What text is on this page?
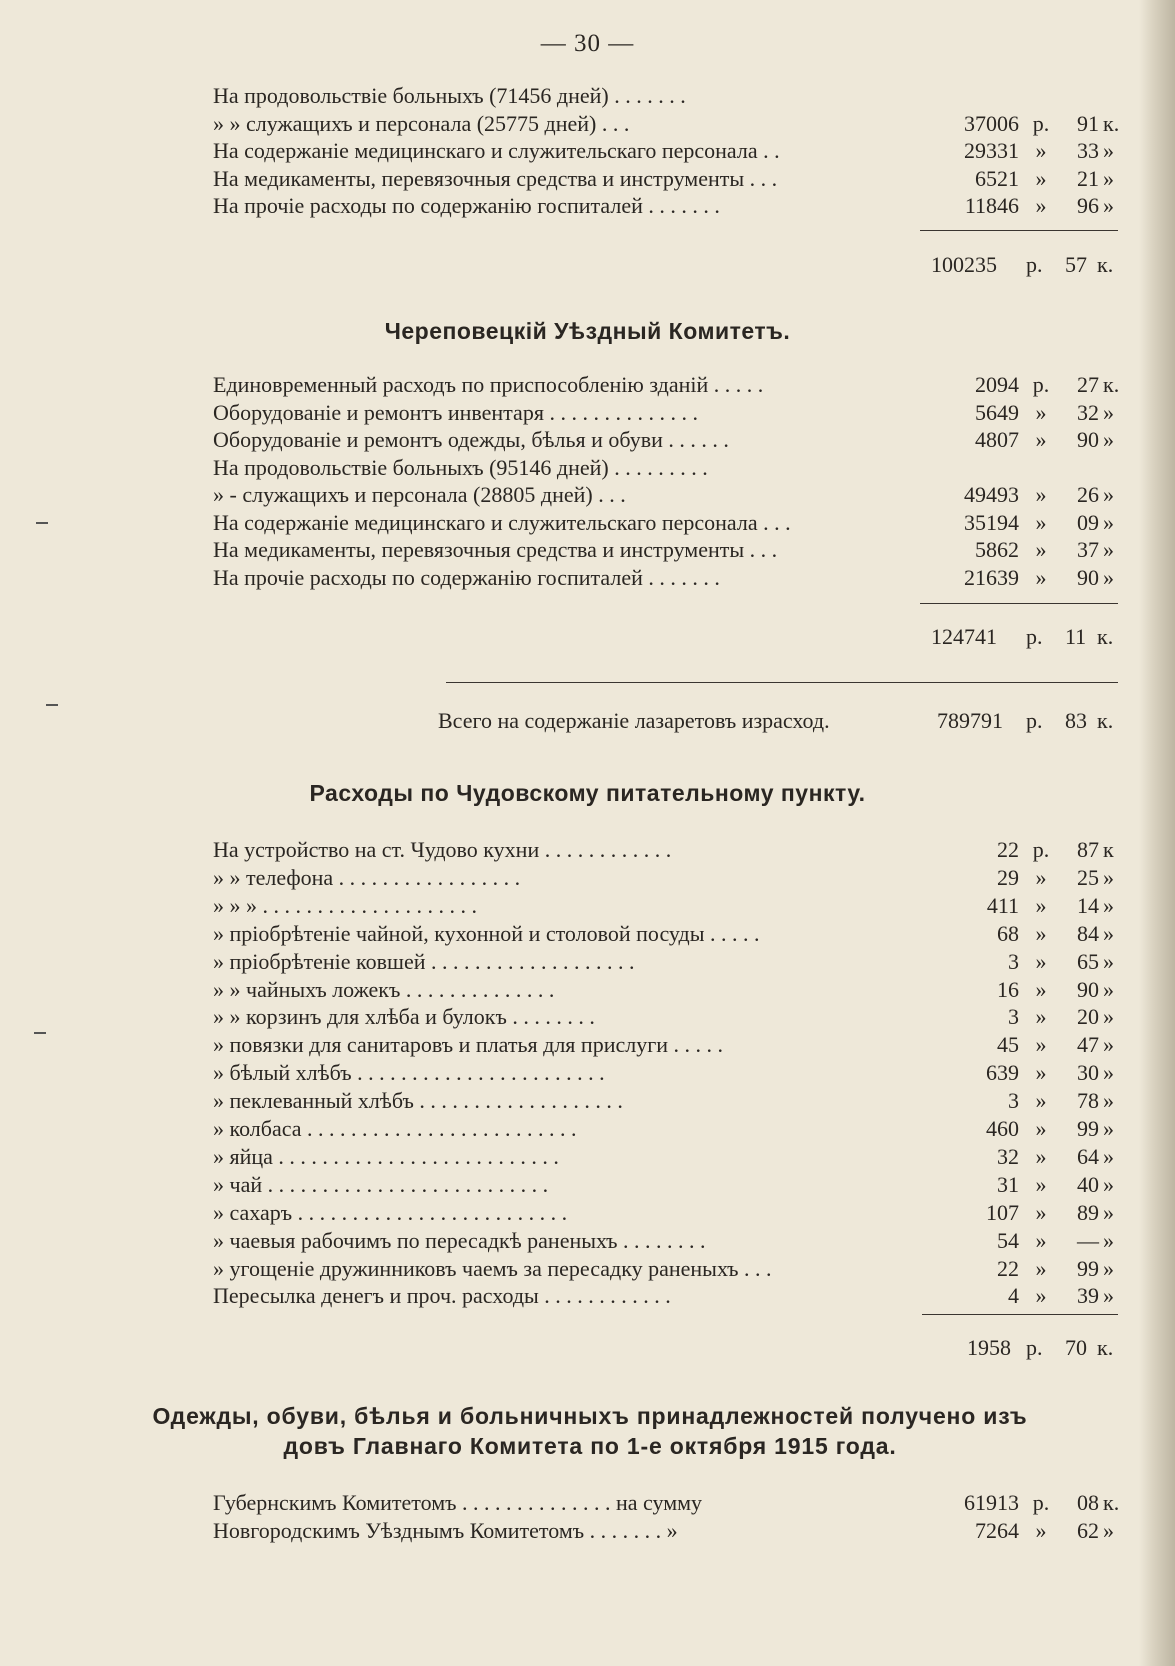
— 30 —
На продовольствіе больныхъ (71456 дней) . . . . . . .
» » служащихъ и персонала (25775 дней) . . .	37006 р.	91 к.
На содержаніе медицинскаго и служительскаго персонала . .	29331 »	33 »
На медикаменты, перевязочныя средства и инструменты . . .	6521 »	21 »
На прочіе расходы по содержанію госпиталей . . . . . . .	11846 »	96 »
100235 р. 57 к.
Череповецкій Уѣздный Комитетъ.
Единовременный расходъ по приспособленію зданій . . . . .	2094 р.	27 к.
Оборудованіе и ремонтъ инвентаря . . . . . . . . . . . . . .	5649 »	32 »
Оборудованіе и ремонтъ одежды, бѣлья и обуви . . . . . .	4807 »	90 »
На продовольствіе больныхъ (95146 дней) . . . . . . . . .
» - служащихъ и персонала (28805 дней) . . .	49493 »	26 »
На содержаніе медицинскаго и служительскаго персонала . . .	35194 »	09 »
На медикаменты, перевязочныя средства и инструменты . . .	5862 »	37 »
На прочіе расходы по содержанію госпиталей . . . . . . .	21639 »	90 »
124741 р. 11 к.
Всего на содержаніе лазаретовъ израсход.	789791 р. 83 к.
Расходы по Чудовскому питательному пункту.
На устройство на ст. Чудово кухни . . . . . . . . . . . .	22 р.	87 к
» » телефона . . . . . . . . . . . . . . . . .	29 »	25 »
» » » . . . . . . . . . . . . . . . . . . . .	411 »	14 »
» пріобрѣтеніе чайной, кухонной и столовой посуды . . . . .	68 »	84 »
» пріобрѣтеніе ковшей . . . . . . . . . . . . . . . . . . .	3 »	65 »
» » чайныхъ ложекъ . . . . . . . . . . . . . .	16 »	90 »
» » корзинъ для хлѣба и булокъ . . . . . . . .	3 »	20 »
» повязки для санитаровъ и платья для прислуги . . . . .	45 »	47 »
» бѣлый хлѣбъ . . . . . . . . . . . . . . . . . . . . . . .	639 »	30 »
» пеклеванный хлѣбъ . . . . . . . . . . . . . . . . . . .	3 »	78 »
» колбаса . . . . . . . . . . . . . . . . . . . . . . . . .	460 »	99 »
» яйца . . . . . . . . . . . . . . . . . . . . . . . . . .	32 »	64 »
» чай . . . . . . . . . . . . . . . . . . . . . . . . . .	31 »	40 »
» сахаръ . . . . . . . . . . . . . . . . . . . . . . . . .	107 »	89 »
» чаевыя рабочимъ по пересадкѣ раненыхъ . . . . . . . .	54 »	— »
» угощеніе дружинниковъ чаемъ за пересадку раненыхъ . . .	22 »	99 »
Пересылка денегъ и проч. расходы . . . . . . . . . . . .	4 »	39 »
1958 р. 70 к.
Одежды, обуви, бѣлья и больничныхъ принадлежностей получено изъ
довъ Главнаго Комитета по 1-е октября 1915 года.
Губернскимъ Комитетомъ . . . . . . . . . . . . . . на сумму	61913 р.	08 к.
Новгородскимъ Уѣзднымъ Комитетомъ . . . . . . . »	7264 »	62 »
